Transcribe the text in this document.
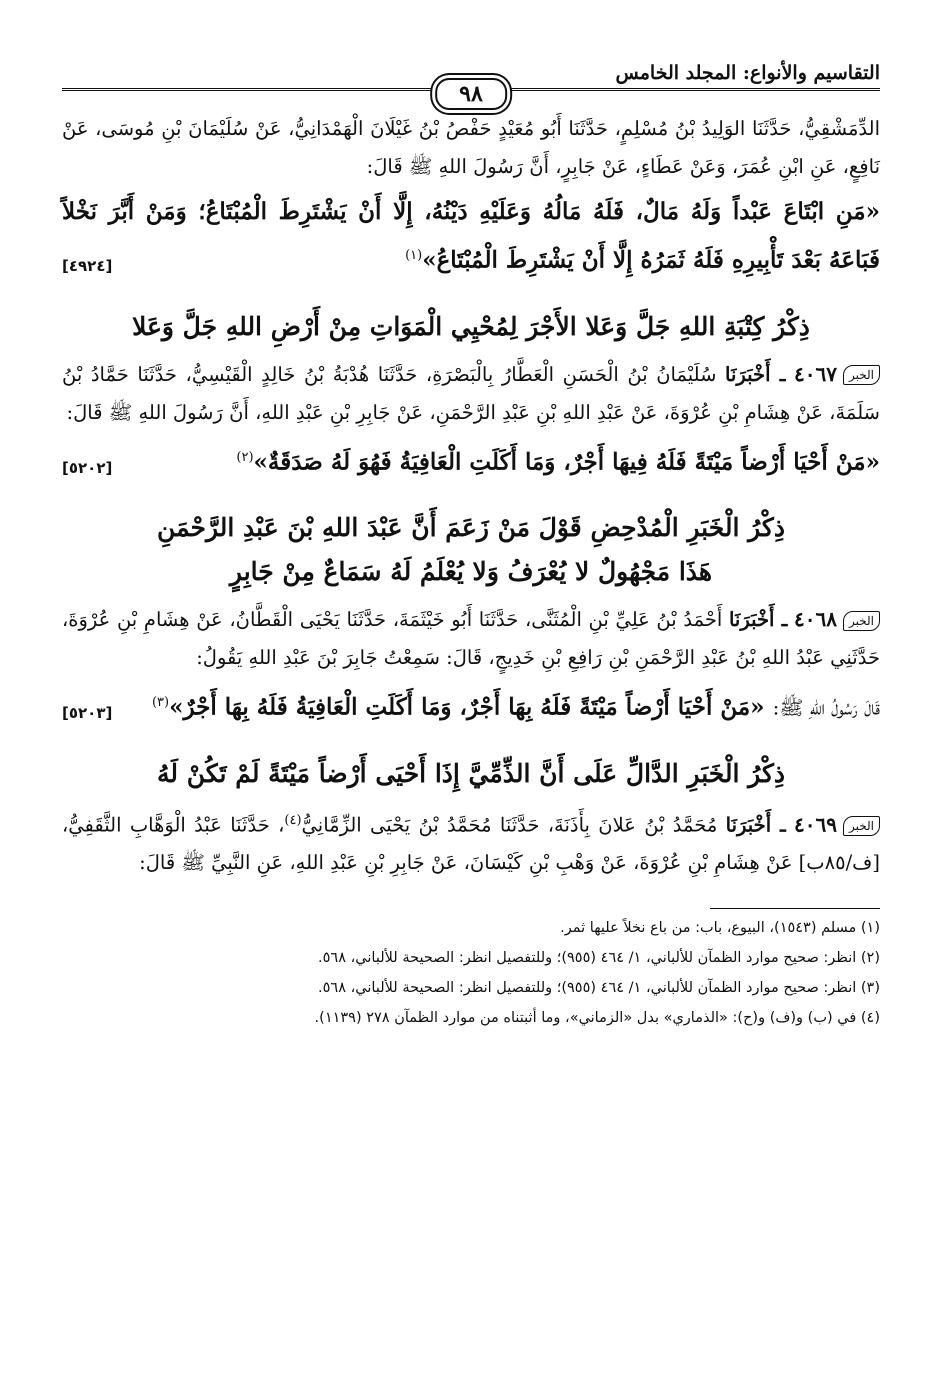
التقاسيم والأنواع: المجلد الخامس
٩٨

الدِّمَشْقِيُّ، حَدَّثَنَا الوَلِيدُ بْنُ مُسْلِمٍ، حَدَّثَنَا أَبُو مُعَيْدٍ حَفْصُ بْنُ غَيْلَانَ الْهَمْدَانِيُّ، عَنْ سُلَيْمَانَ بْنِ مُوسَى، عَنْ نَافِعٍ، عَنِ ابْنِ عُمَرَ، وَعَنْ عَطَاءٍ، عَنْ جَابِرٍ، أَنَّ رَسُولَ اللهِ ﷺ قَالَ:

«مَنِ ابْتَاعَ عَبْداً وَلَهُ مَالٌ، فَلَهُ مَالُهُ وَعَلَيْهِ دَيْنُهُ، إِلَّا أَنْ يَشْتَرِطَ الْمُبْتَاعُ؛ وَمَنْ أَبَّرَ نَخْلاً فَبَاعَهُ بَعْدَ تَأْبِيرِهِ فَلَهُ ثَمَرُهُ إِلَّا أَنْ يَشْتَرِطَ الْمُبْتَاعُ»$^{(١)}$
[٤٩٢٤]

ذِكْرُ كِتْبَةِ اللهِ جَلَّ وَعَلا الأَجْرَ لِمُحْيِي الْمَوَاتِ مِنْ أَرْضِ اللهِ جَلَّ وَعَلا

الخبر٤٠٦٧ ـ أَخْبَرَنَا سُلَيْمَانُ بْنُ الْحَسَنِ الْعَطَّارُ بِالْبَصْرَةِ، حَدَّثَنَا هُدْبَةُ بْنُ خَالِدٍ الْقَيْسِيُّ، حَدَّثَنَا حَمَّادُ بْنُ سَلَمَةَ، عَنْ هِشَامِ بْنِ عُرْوَةَ، عَنْ عَبْدِ اللهِ بْنِ عَبْدِ الرَّحْمَنِ، عَنْ جَابِرِ بْنِ عَبْدِ اللهِ، أَنَّ رَسُولَ اللهِ ﷺ قَالَ:

«مَنْ أَحْيَا أَرْضاً مَيْتَةً فَلَهُ فِيهَا أَجْرٌ، وَمَا أَكَلَتِ الْعَافِيَةُ فَهُوَ لَهُ صَدَقَةٌ»$^{(٢)}$
[٥٢٠٢]

ذِكْرُ الْخَبَرِ الْمُدْحِضِ قَوْلَ مَنْ زَعَمَ أَنَّ عَبْدَ اللهِ بْنَ عَبْدِ الرَّحْمَنِ
هَذَا مَجْهُولٌ لا يُعْرَفُ وَلا يُعْلَمُ لَهُ سَمَاعٌ مِنْ جَابِرٍ

الخبر٤٠٦٨ ـ أَخْبَرَنَا أَحْمَدُ بْنُ عَلِيِّ بْنِ الْمُثَنَّى، حَدَّثَنَا أَبُو خَيْثَمَةَ، حَدَّثَنَا يَحْيَى الْقَطَّانُ، عَنْ هِشَامِ بْنِ عُرْوَةَ، حَدَّثَنِي عَبْدُ اللهِ بْنُ عَبْدِ الرَّحْمَنِ بْنِ رَافِعِ بْنِ خَدِيجٍ، قَالَ: سَمِعْتُ جَابِرَ بْنَ عَبْدِ اللهِ يَقُولُ:

قَالَ رَسُولُ اللهِ ﷺ: «مَنْ أَحْيَا أَرْضاً مَيْتَةً فَلَهُ بِهَا أَجْرٌ، وَمَا أَكَلَتِ الْعَافِيَةُ فَلَهُ بِهَا أَجْرٌ»$^{(٣)}$
[٥٢٠٣]

ذِكْرُ الْخَبَرِ الدَّالِّ عَلَى أَنَّ الذِّمِّيَّ إِذَا أَحْيَى أَرْضاً مَيْتَةً لَمْ تَكُنْ لَهُ

الخبر٤٠٦٩ ـ أَخْبَرَنَا مُحَمَّدُ بْنُ عَلانَ بِأَذَنَةَ، حَدَّثَنَا مُحَمَّدُ بْنُ يَحْيَى الزِّمَّانِيُّ$^{(٤)}$، حَدَّثَنَا عَبْدُ الْوَهَّابِ الثَّقَفِيُّ، [ف/٨٥ب] عَنْ هِشَامِ بْنِ عُرْوَةَ، عَنْ وَهْبِ بْنِ كَيْسَانَ، عَنْ جَابِرِ بْنِ عَبْدِ اللهِ، عَنِ النَّبِيِّ ﷺ قَالَ:

(١) مسلم (١٥٤٣)، البيوع، باب: من باع نخلاً عليها ثمر.
(٢) انظر: صحيح موارد الظمآن للألباني، ١/ ٤٦٤ (٩٥٥)؛ وللتفصيل انظر: الصحيحة للألباني، ٥٦٨.
(٣) انظر: صحيح موارد الظمآن للألباني، ١/ ٤٦٤ (٩٥٥)؛ وللتفصيل انظر: الصحيحة للألباني، ٥٦٨.
(٤) في (ب) و(ف) و(ح): «الذماري» بدل «الزماني»، وما أثبتناه من موارد الظمآن ٢٧٨ (١١٣٩).
